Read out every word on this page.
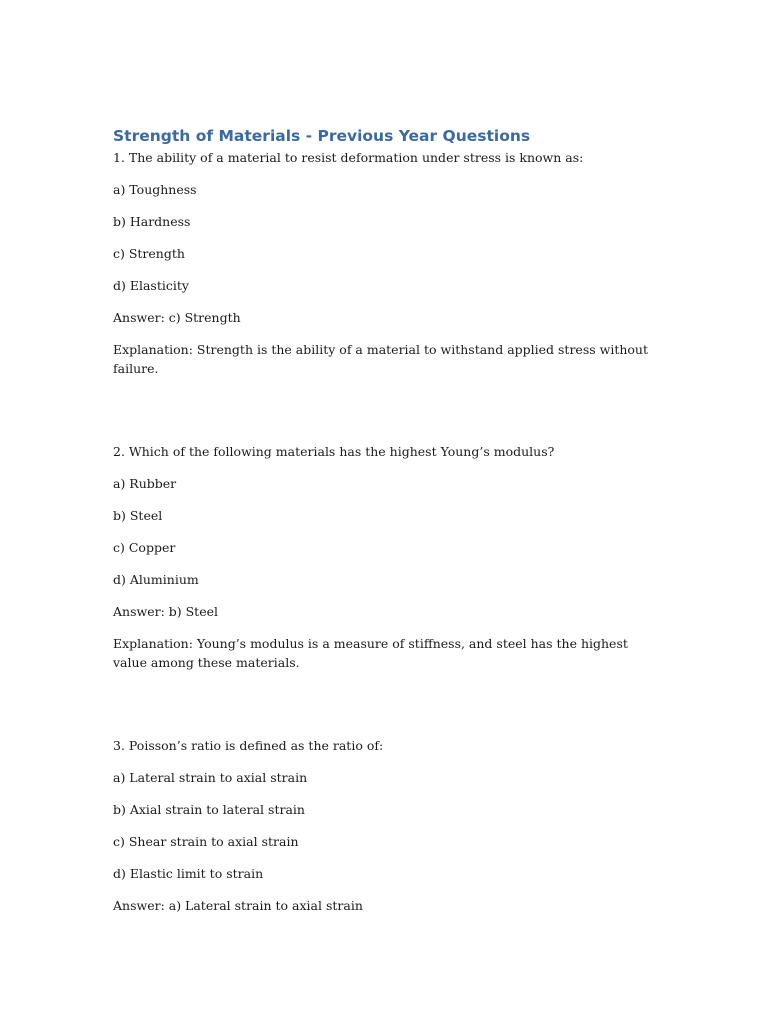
Strength of Materials - Previous Year Questions

1. The ability of a material to resist deformation under stress is known as:

a) Toughness

b) Hardness

c) Strength

d) Elasticity

Answer: c) Strength

Explanation: Strength is the ability of a material to withstand applied stress without failure.

2. Which of the following materials has the highest Young’s modulus?

a) Rubber

b) Steel

c) Copper

d) Aluminium

Answer: b) Steel

Explanation: Young’s modulus is a measure of stiffness, and steel has the highest value among these materials.

3. Poisson’s ratio is defined as the ratio of:

a) Lateral strain to axial strain

b) Axial strain to lateral strain

c) Shear strain to axial strain

d) Elastic limit to strain

Answer: a) Lateral strain to axial strain
